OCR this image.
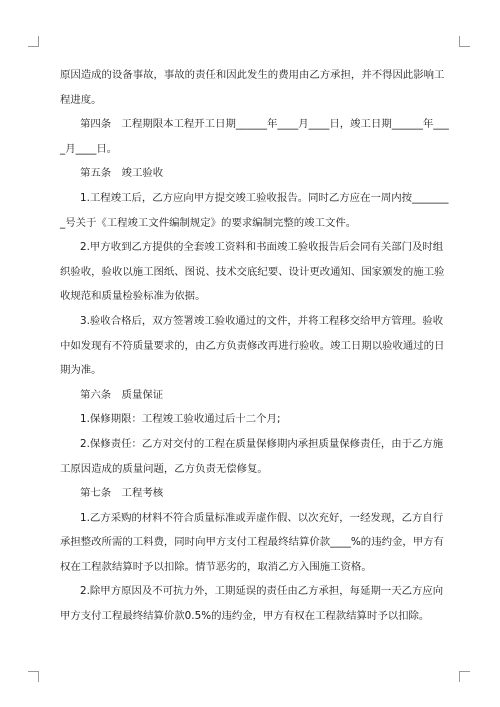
原因造成的设备事故，事故的责任和因此发生的费用由乙方承担，并不得因此影响工

程进度。

第四条　工程期限本工程开工日期______年____月____日，竣工日期______年___

_月____日。

第五条　竣工验收

1.工程竣工后，乙方应向甲方提交竣工验收报告。同时乙方应在一周内按_______

_号关于《工程竣工文件编制规定》的要求编制完整的竣工文件。

2.甲方收到乙方提供的全套竣工资料和书面竣工验收报告后会同有关部门及时组

织验收，验收以施工图纸、图说、技术交底纪要、设计更改通知、国家颁发的施工验

收规范和质量检验标准为依据。

3.验收合格后，双方签署竣工验收通过的文件，并将工程移交给甲方管理。验收

中如发现有不符质量要求的，由乙方负责修改再进行验收。竣工日期以验收通过的日

期为准。

第六条　质量保证

1.保修期限：工程竣工验收通过后十二个月;

2.保修责任：乙方对交付的工程在质量保修期内承担质量保修责任，由于乙方施

工原因造成的质量问题，乙方负责无偿修复。

第七条　工程考核

1.乙方采购的材料不符合质量标准或弄虚作假、以次充好，一经发现，乙方自行

承担整改所需的工料费，同时向甲方支付工程最终结算价款____%的违约金，甲方有

权在工程款结算时予以扣除。情节恶劣的，取消乙方入围施工资格。

2.除甲方原因及不可抗力外，工期延误的责任由乙方承担，每延期一天乙方应向

甲方支付工程最终结算价款0.5%的违约金，甲方有权在工程款结算时予以扣除。
